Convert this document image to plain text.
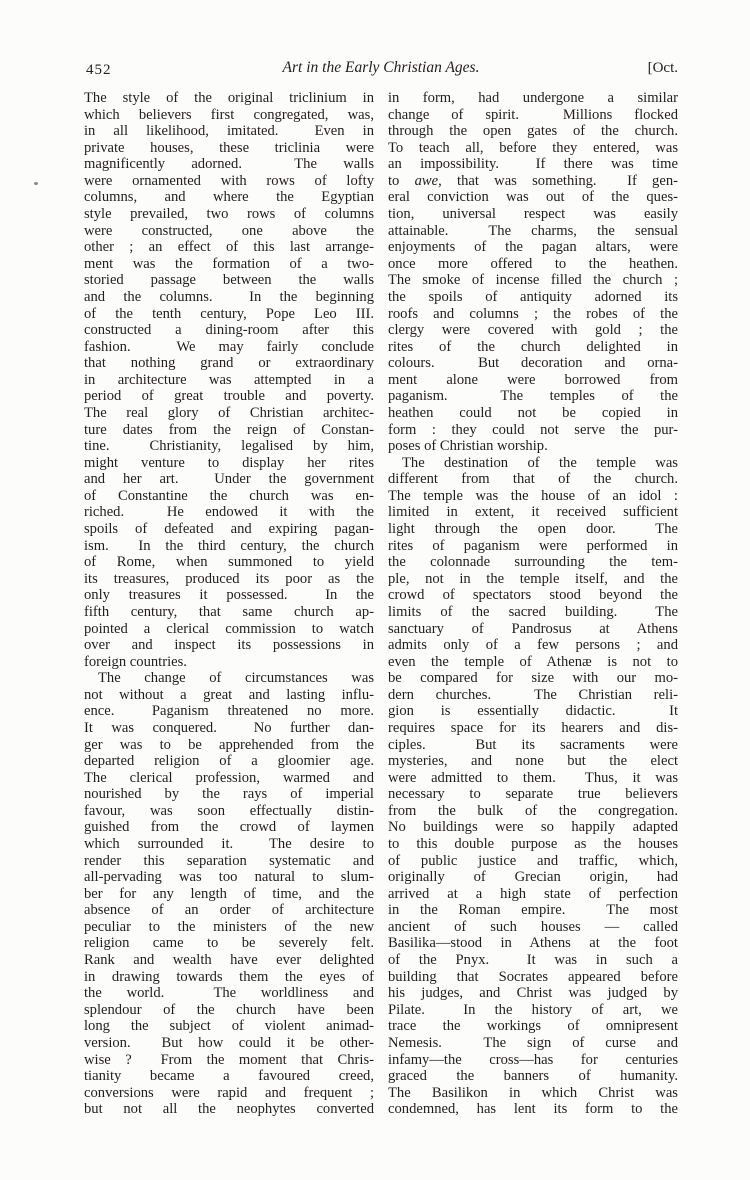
452	Art in the Early Christian Ages.	[Oct.
The style of the original triclinium in
which believers first congregated, was,
in all likelihood, imitated.  Even in
private houses, these triclinia were
magnificently adorned.  The walls
were ornamented with rows of lofty
columns, and where the Egyptian
style prevailed, two rows of columns
were constructed, one above the
other ; an effect of this last arrange-
ment was the formation of a two-
storied passage between the walls
and the columns.  In the beginning
of the tenth century, Pope Leo III.
constructed a dining-room after this
fashion.  We may fairly conclude
that nothing grand or extraordinary
in architecture was attempted in a
period of great trouble and poverty.
The real glory of Christian architec-
ture dates from the reign of Constan-
tine.  Christianity, legalised by him,
might venture to display her rites
and her art.  Under the government
of Constantine the church was en-
riched.  He endowed it with the
spoils of defeated and expiring pagan-
ism.  In the third century, the church
of Rome, when summoned to yield
its treasures, produced its poor as the
only treasures it possessed.  In the
fifth century, that same church ap-
pointed a clerical commission to watch
over and inspect its possessions in
foreign countries.
The change of circumstances was
not without a great and lasting influ-
ence.  Paganism threatened no more.
It was conquered.  No further dan-
ger was to be apprehended from the
departed religion of a gloomier age.
The clerical profession, warmed and
nourished by the rays of imperial
favour, was soon effectually distin-
guished from the crowd of laymen
which surrounded it.  The desire to
render this separation systematic and
all-pervading was too natural to slum-
ber for any length of time, and the
absence of an order of architecture
peculiar to the ministers of the new
religion came to be severely felt.
Rank and wealth have ever delighted
in drawing towards them the eyes of
the world.  The worldliness and
splendour of the church have been
long the subject of violent animad-
version.  But how could it be other-
wise ?  From the moment that Chris-
tianity became a favoured creed,
conversions were rapid and frequent ;
but not all the neophytes converted
in form, had undergone a similar
change of spirit.  Millions flocked
through the open gates of the church.
To teach all, before they entered, was
an impossibility.  If there was time
to awe, that was something.  If gen-
eral conviction was out of the ques-
tion, universal respect was easily
attainable.  The charms, the sensual
enjoyments of the pagan altars, were
once more offered to the heathen.
The smoke of incense filled the church ;
the spoils of antiquity adorned its
roofs and columns ; the robes of the
clergy were covered with gold ; the
rites of the church delighted in
colours.  But decoration and orna-
ment alone were borrowed from
paganism.  The temples of the
heathen could not be copied in
form : they could not serve the pur-
poses of Christian worship.
The destination of the temple was
different from that of the church.
The temple was the house of an idol :
limited in extent, it received sufficient
light through the open door.  The
rites of paganism were performed in
the colonnade surrounding the tem-
ple, not in the temple itself, and the
crowd of spectators stood beyond the
limits of the sacred building.  The
sanctuary of Pandrosus at Athens
admits only of a few persons ; and
even the temple of Athenæ is not to
be compared for size with our mo-
dern churches.  The Christian reli-
gion is essentially didactic.  It
requires space for its hearers and dis-
ciples.  But its sacraments were
mysteries, and none but the elect
were admitted to them.  Thus, it was
necessary to separate true believers
from the bulk of the congregation.
No buildings were so happily adapted
to this double purpose as the houses
of public justice and traffic, which,
originally of Grecian origin, had
arrived at a high state of perfection
in the Roman empire.  The most
ancient of such houses — called
Basilika—stood in Athens at the foot
of the Pnyx.  It was in such a
building that Socrates appeared before
his judges, and Christ was judged by
Pilate.  In the history of art, we
trace the workings of omnipresent
Nemesis.  The sign of curse and
infamy—the cross—has for centuries
graced the banners of humanity.
The Basilikon in which Christ was
condemned, has lent its form to the
